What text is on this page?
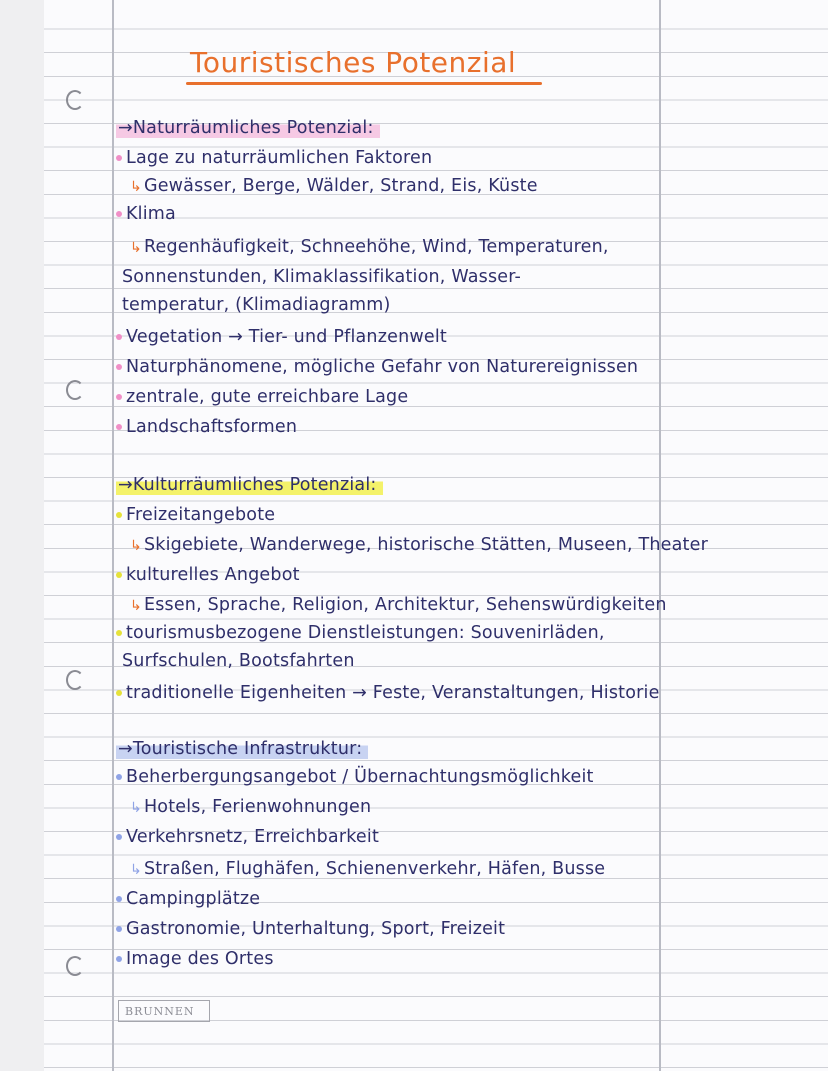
Touristisches Potenzial
→Naturräumliches Potenzial:
Lage zu naturräumlichen Faktoren
↳ Gewässer, Berge, Wälder, Strand, Eis, Küste
Klima
↳ Regenhäufigkeit, Schneehöhe, Wind, Temperaturen,
Sonnenstunden, Klimaklassifikation, Wasser-
temperatur, (Klimadiagramm)
Vegetation → Tier- und Pflanzenwelt
Naturphänomene, mögliche Gefahr von Naturereignissen
zentrale, gute erreichbare Lage
Landschaftsformen
→Kulturräumliches Potenzial:
Freizeitangebote
↳ Skigebiete, Wanderwege, historische Stätten, Museen, Theater
kulturelles Angebot
↳ Essen, Sprache, Religion, Architektur, Sehenswürdigkeiten
tourismusbezogene Dienstleistungen: Souvenirläden,
Surfschulen, Bootsfahrten
traditionelle Eigenheiten → Feste, Veranstaltungen, Historie
→Touristische Infrastruktur:
Beherbergungsangebot / Übernachtungsmöglichkeit
↳ Hotels, Ferienwohnungen
Verkehrsnetz, Erreichbarkeit
↳ Straßen, Flughäfen, Schienenverkehr, Häfen, Busse
Campingplätze
Gastronomie, Unterhaltung, Sport, Freizeit
Image des Ortes
BRUNNEN
